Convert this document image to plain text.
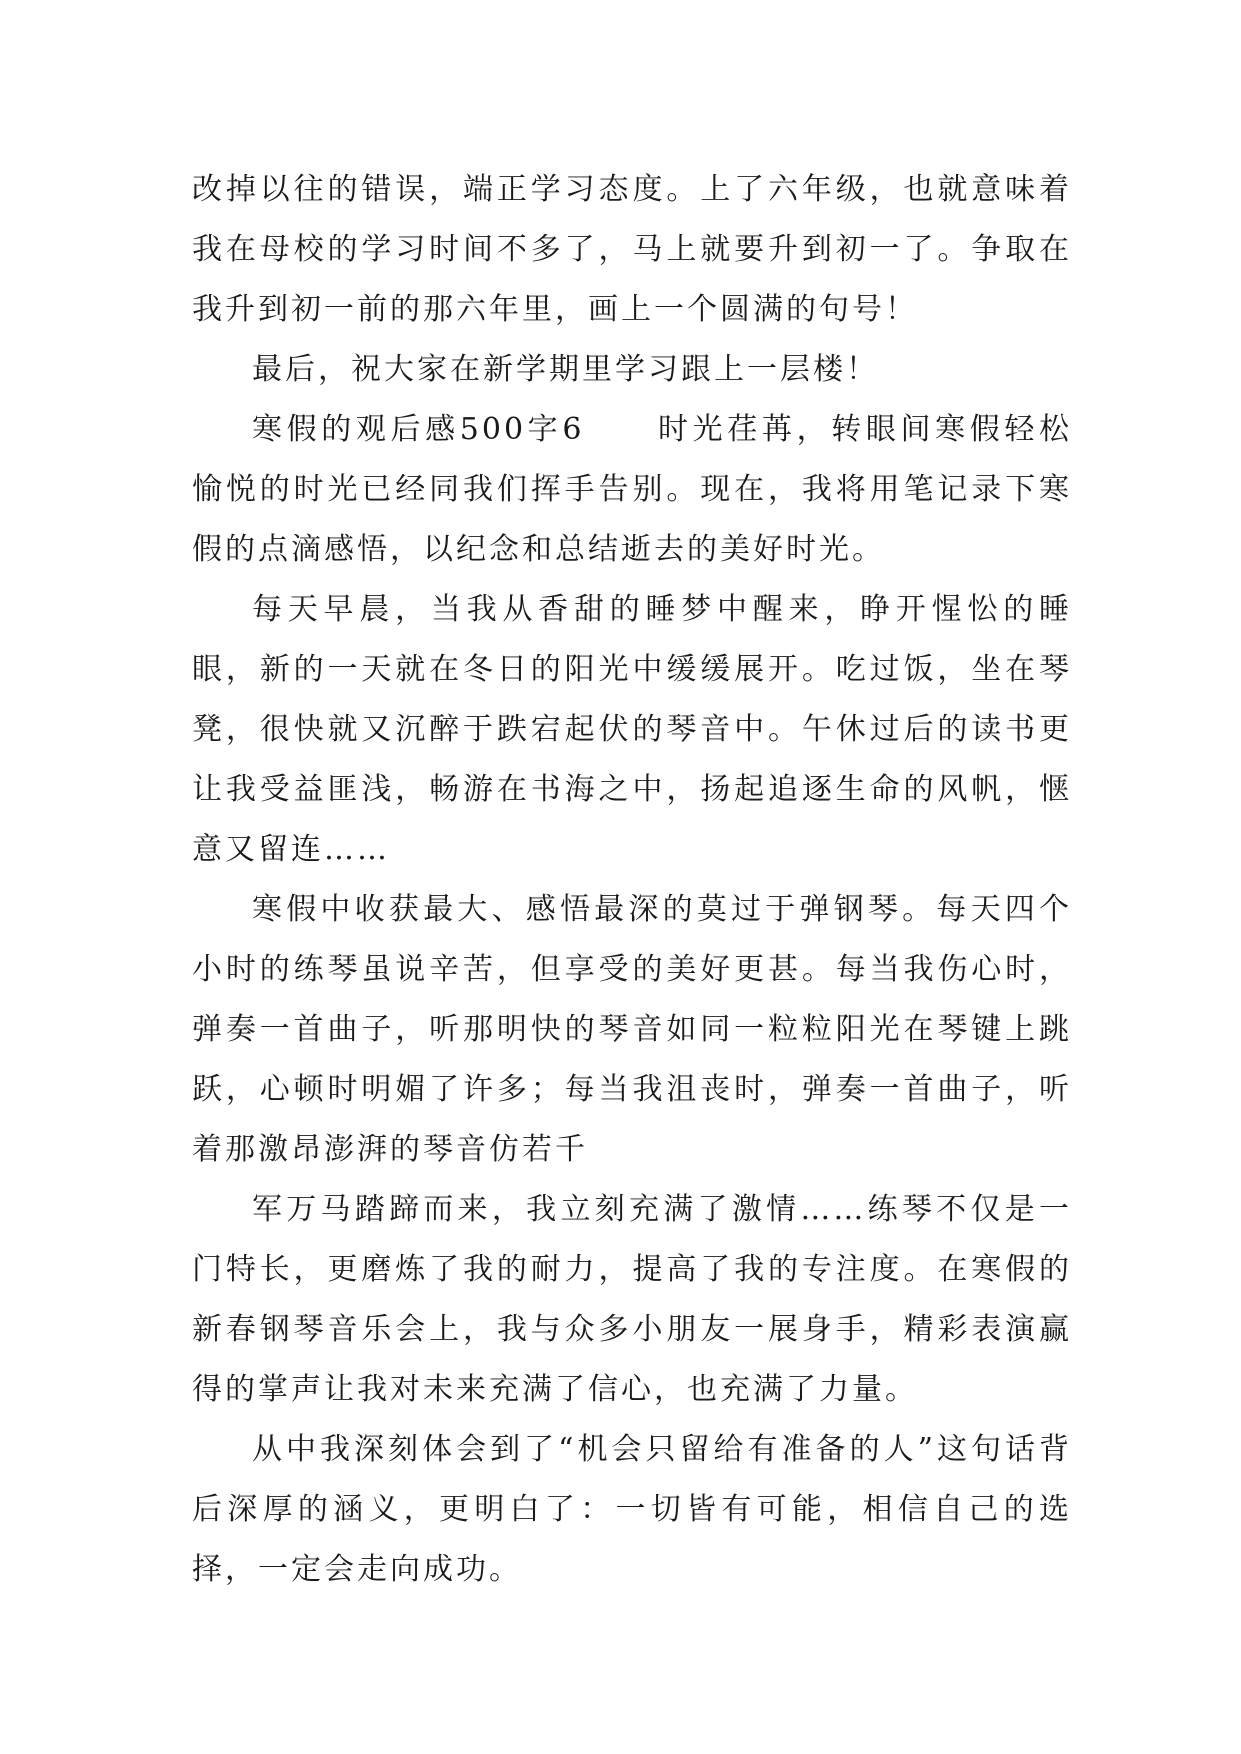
改掉以往的错误，端正学习态度。上了六年级，也就意味着我在母校的学习时间不多了，马上就要升到初一了。争取在我升到初一前的那六年里，画上一个圆满的句号！

最后，祝大家在新学期里学习跟上一层楼！

寒假的观后感500字6 时光荏苒，转眼间寒假轻松愉悦的时光已经同我们挥手告别。现在，我将用笔记录下寒假的点滴感悟，以纪念和总结逝去的美好时光。

每天早晨，当我从香甜的睡梦中醒来，睁开惺忪的睡眼，新的一天就在冬日的阳光中缓缓展开。吃过饭，坐在琴凳，很快就又沉醉于跌宕起伏的琴音中。午休过后的读书更让我受益匪浅，畅游在书海之中，扬起追逐生命的风帆，惬意又留连……

寒假中收获最大、感悟最深的莫过于弹钢琴。每天四个小时的练琴虽说辛苦，但享受的美好更甚。每当我伤心时，弹奏一首曲子，听那明快的琴音如同一粒粒阳光在琴键上跳跃，心顿时明媚了许多；每当我沮丧时，弹奏一首曲子，听着那激昂澎湃的琴音仿若千

军万马踏蹄而来，我立刻充满了激情……练琴不仅是一门特长，更磨炼了我的耐力，提高了我的专注度。在寒假的新春钢琴音乐会上，我与众多小朋友一展身手，精彩表演赢得的掌声让我对未来充满了信心，也充满了力量。

从中我深刻体会到了“机会只留给有准备的人”这句话背后深厚的涵义，更明白了：一切皆有可能，相信自己的选择，一定会走向成功。
